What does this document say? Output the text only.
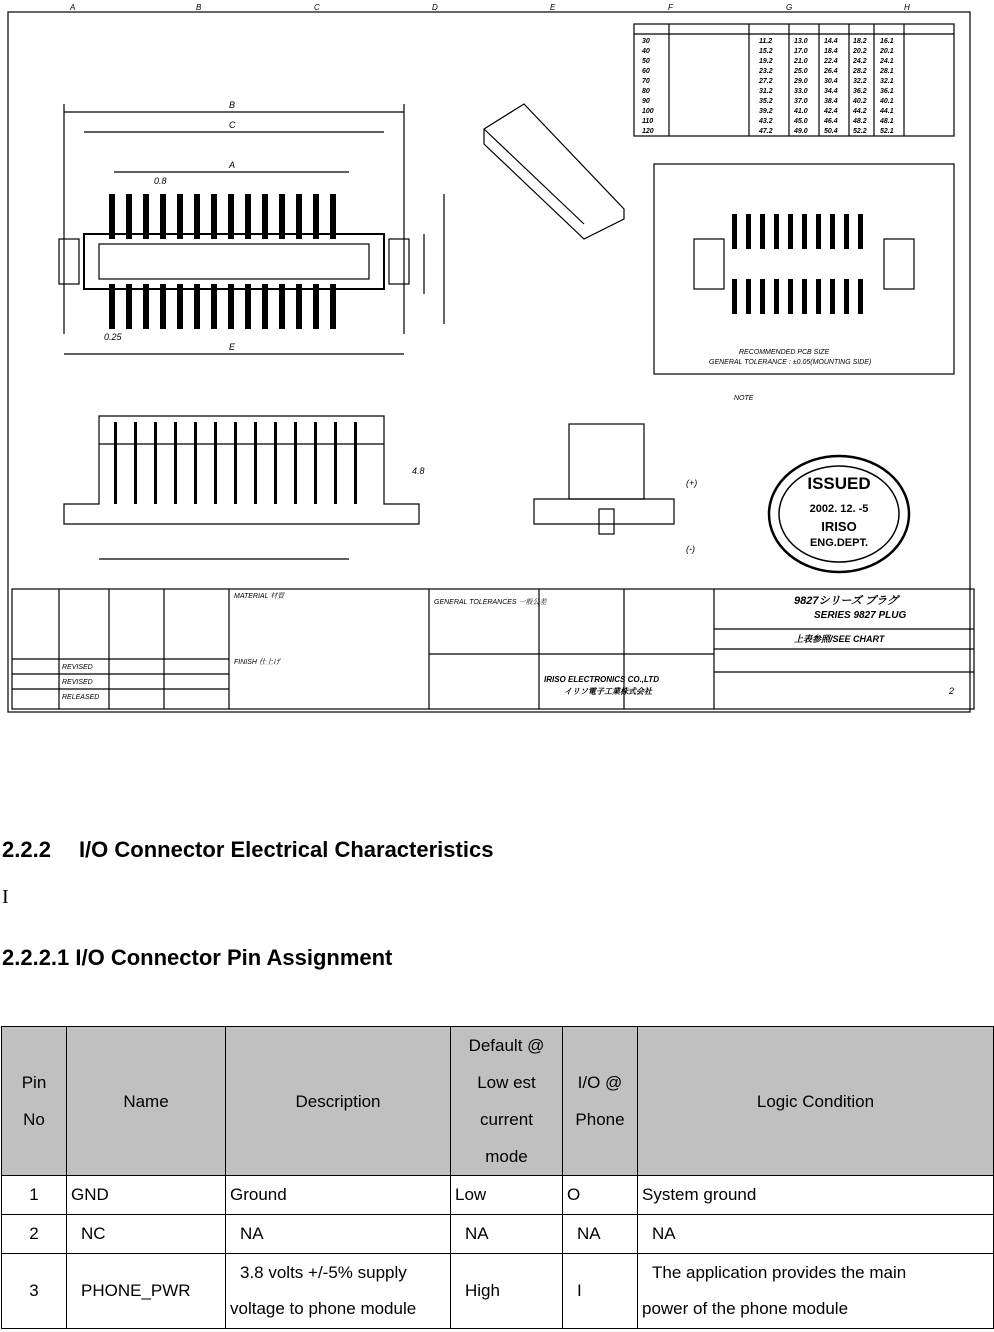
A	B	C	D	E	F	G	H
30	11.2	13.0 14.4 18.2 16.1
40	15.2	17.0 18.4 20.2 20.1
50	19.2	21.0 22.4 24.2 24.1
60	23.2	25.0 26.4 28.2 28.1
70	27.2	29.0 30.4 32.2 32.1
80	31.2	33.0 34.4 36.2 36.1
90	35.2	37.0 38.4 40.2 40.1
100	39.2	41.0 42.4 44.2 44.1
110	43.2	45.0 46.4 48.2 48.1
120	47.2	49.0 50.4 52.2 52.1
B
C
A
0.8
E
0.25
4.8
(-)
(+)
RECOMMENDED PCB SIZE
GENERAL TOLERANCE : ±0.05(MOUNTING SIDE)
NOTE
ISSUED
2002. 12. -5
IRISO
ENG.DEPT.
MATERIAL 材質
FINISH 仕上げ
GENERAL TOLERANCES 一般公差	9827シリーズ プラグ
SERIES 9827 PLUG
上表参照/SEE CHART
IRISO ELECTRONICS CO.,LTD
イリソ電子工業株式会社
REVISED
REVISED
RELEASED
2
2.2.2 I/O Connector Electrical Characteristics
I
2.2.2.1 I/O Connector Pin Assignment
Pin
No	Name	Description	Default @
Low est
current
mode	I/O @
Phone	Logic Condition
1	GND	Ground	Low	O	System ground
2	NC	NA	NA	NA	NA
3	PHONE_PWR	3.8 volts +/-5% supply
voltage to phone module	High	I	The application provides the main
power of the phone module
